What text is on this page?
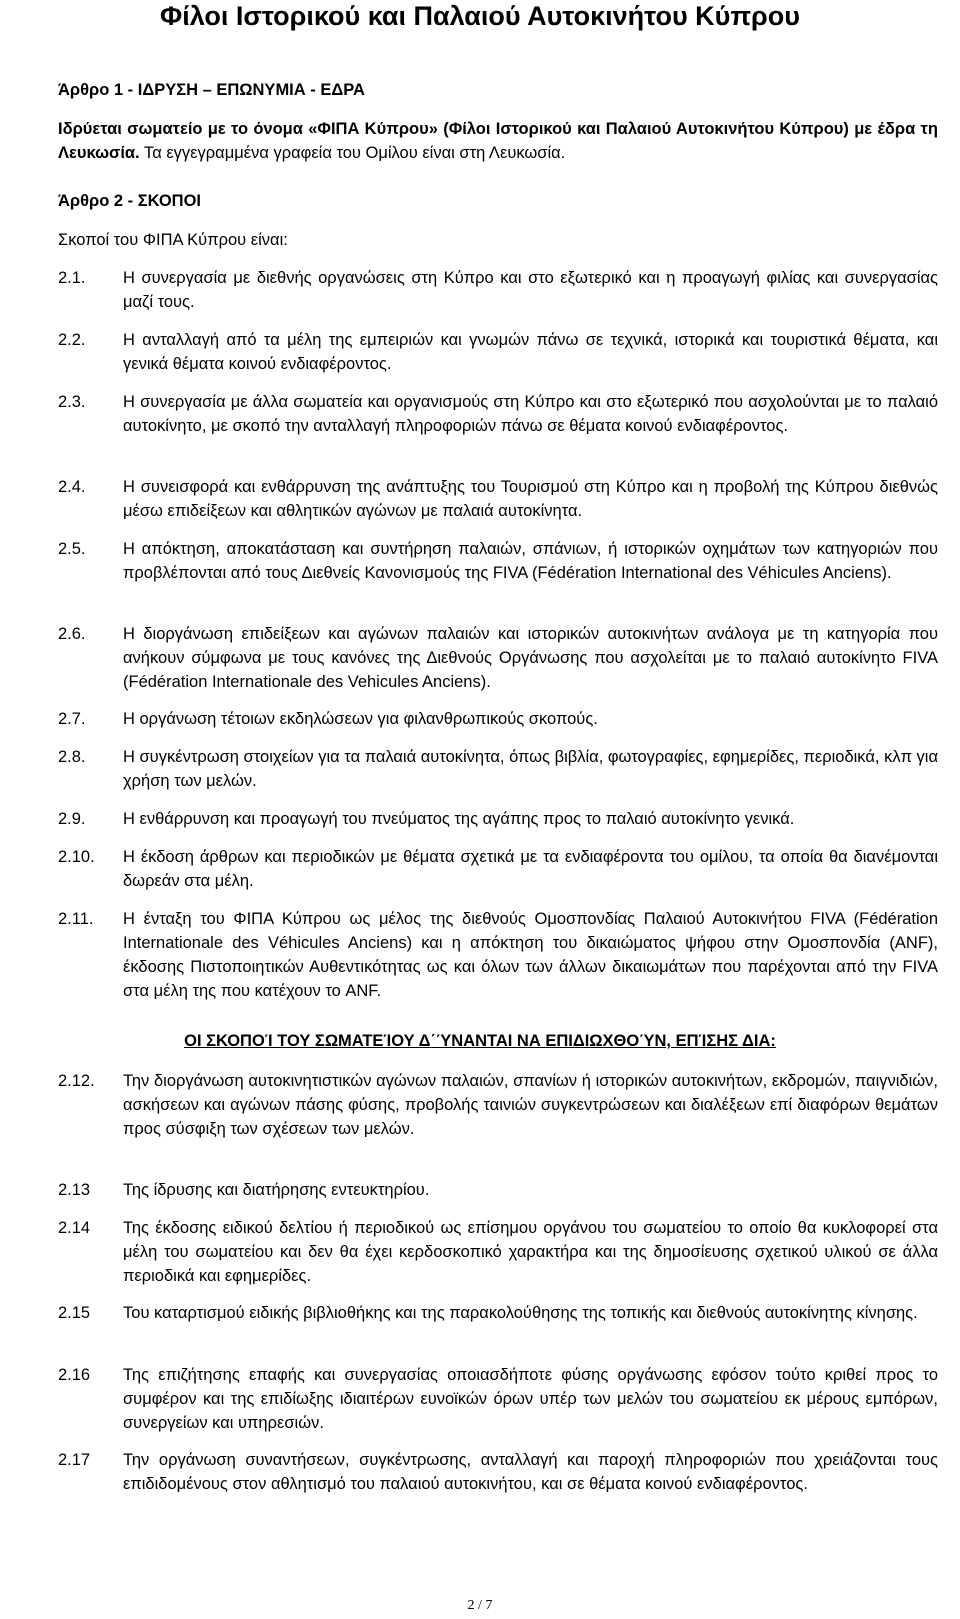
Φίλοι Ιστορικού και Παλαιού Αυτοκινήτου Κύπρου

Άρθρο 1 - ΙΔΡΥΣΗ – ΕΠΩΝΥΜΙΑ - ΕΔΡΑ

Ιδρύεται σωματείο με το όνομα «ΦΙΠΑ Κύπρου» (Φίλοι Ιστορικού και Παλαιού Αυτοκινήτου Κύπρου) με έδρα τη Λευκωσία. Τα εγγεγραμμένα γραφεία του Ομίλου είναι στη Λευκωσία.

Άρθρο 2 - ΣΚΟΠΟΙ

Σκοποί του ΦΙΠΑ Κύπρου είναι:

2.1.	Η συνεργασία με διεθνής οργανώσεις στη Κύπρο και στο εξωτερικό και η προαγωγή φιλίας και συνεργασίας μαζί τους.
2.2.	Η ανταλλαγή από τα μέλη της εμπειριών και γνωμών πάνω σε τεχνικά, ιστορικά και τουριστικά θέματα, και γενικά θέματα κοινού ενδιαφέροντος.
2.3.	Η συνεργασία με άλλα σωματεία και οργανισμούς στη Κύπρο και στο εξωτερικό που ασχολούνται με το παλαιό αυτοκίνητο, με σκοπό την ανταλλαγή πληροφοριών πάνω σε θέματα κοινού ενδιαφέροντος.
2.4.	Η συνεισφορά και ενθάρρυνση της ανάπτυξης του Τουρισμού στη Κύπρο και η προβολή της Κύπρου διεθνώς μέσω επιδείξεων και αθλητικών αγώνων με παλαιά αυτοκίνητα.
2.5.	Η απόκτηση, αποκατάσταση και συντήρηση παλαιών, σπάνιων, ή ιστορικών οχημάτων των κατηγοριών που προβλέπονται από τους Διεθνείς Κανονισμούς της FIVA (Fédération International des Véhicules Anciens).
2.6.	Η διοργάνωση επιδείξεων και αγώνων παλαιών και ιστορικών αυτοκινήτων ανάλογα με τη κατηγορία που ανήκουν σύμφωνα με τους κανόνες της Διεθνούς Οργάνωσης που ασχολείται με το παλαιό αυτοκίνητο FIVA (Fédération Internationale des Vehicules Anciens).
2.7.	Η οργάνωση τέτοιων εκδηλώσεων για φιλανθρωπικούς σκοπούς.
2.8.	Η συγκέντρωση στοιχείων για τα παλαιά αυτοκίνητα, όπως βιβλία, φωτογραφίες, εφημερίδες, περιοδικά, κλπ για χρήση των μελών.
2.9.	Η ενθάρρυνση και προαγωγή του πνεύματος της αγάπης προς το παλαιό αυτοκίνητο γενικά.
2.10.	Η έκδοση άρθρων και περιοδικών με θέματα σχετικά με τα ενδιαφέροντα του ομίλου, τα οποία θα διανέμονται δωρεάν στα μέλη.
2.11.	Η ένταξη του ΦΙΠΑ Κύπρου ως μέλος της διεθνούς Ομοσπονδίας Παλαιού Αυτοκινήτου FIVA (Fédération Internationale des Véhicules Anciens) και η απόκτηση του δικαιώματος ψήφου στην Ομοσπονδία (ANF), έκδοσης Πιστοποιητικών Αυθεντικότητας ως και όλων των άλλων δικαιωμάτων που παρέχονται από την FIVA στα μέλη της που κατέχουν το ANF.
ΟΙ ΣΚΟΠΟΊ ΤΟΥ ΣΩΜΑΤΕΊΟΥ Δ΄ΎΝΑΝΤΑΙ ΝΑ ΕΠΙΔΙΩΧΘΟΎΝ, ΕΠΊΣΗΣ ΔΙΑ:
2.12.	Την διοργάνωση αυτοκινητιστικών αγώνων παλαιών, σπανίων ή ιστορικών αυτοκινήτων, εκδρομών, παιγνιδιών, ασκήσεων και αγώνων πάσης φύσης, προβολής ταινιών συγκεντρώσεων και διαλέξεων επί διαφόρων θεμάτων προς σύσφιξη των σχέσεων των μελών.
2.13	Της ίδρυσης και διατήρησης εντευκτηρίου.
2.14	Της έκδοσης ειδικού δελτίου ή περιοδικού ως επίσημου οργάνου του σωματείου το οποίο θα κυκλοφορεί στα μέλη του σωματείου και δεν θα έχει κερδοσκοπικό χαρακτήρα και της δημοσίευσης σχετικού υλικού σε άλλα περιοδικά και εφημερίδες.
2.15	Του καταρτισμού ειδικής βιβλιοθήκης και της παρακολούθησης της τοπικής και διεθνούς αυτοκίνητης κίνησης.
2.16	Της επιζήτησης επαφής και συνεργασίας οποιασδήποτε φύσης οργάνωσης εφόσον τούτο κριθεί προς το συμφέρον και της επιδίωξης ιδιαιτέρων ευνοϊκών όρων υπέρ των μελών του σωματείου εκ μέρους εμπόρων, συνεργείων και υπηρεσιών.
2.17	Την οργάνωση συναντήσεων, συγκέντρωσης, ανταλλαγή και παροχή πληροφοριών που χρειάζονται τους επιδιδομένους στον αθλητισμό του παλαιού αυτοκινήτου, και σε θέματα κοινού ενδιαφέροντος.
2 / 7
